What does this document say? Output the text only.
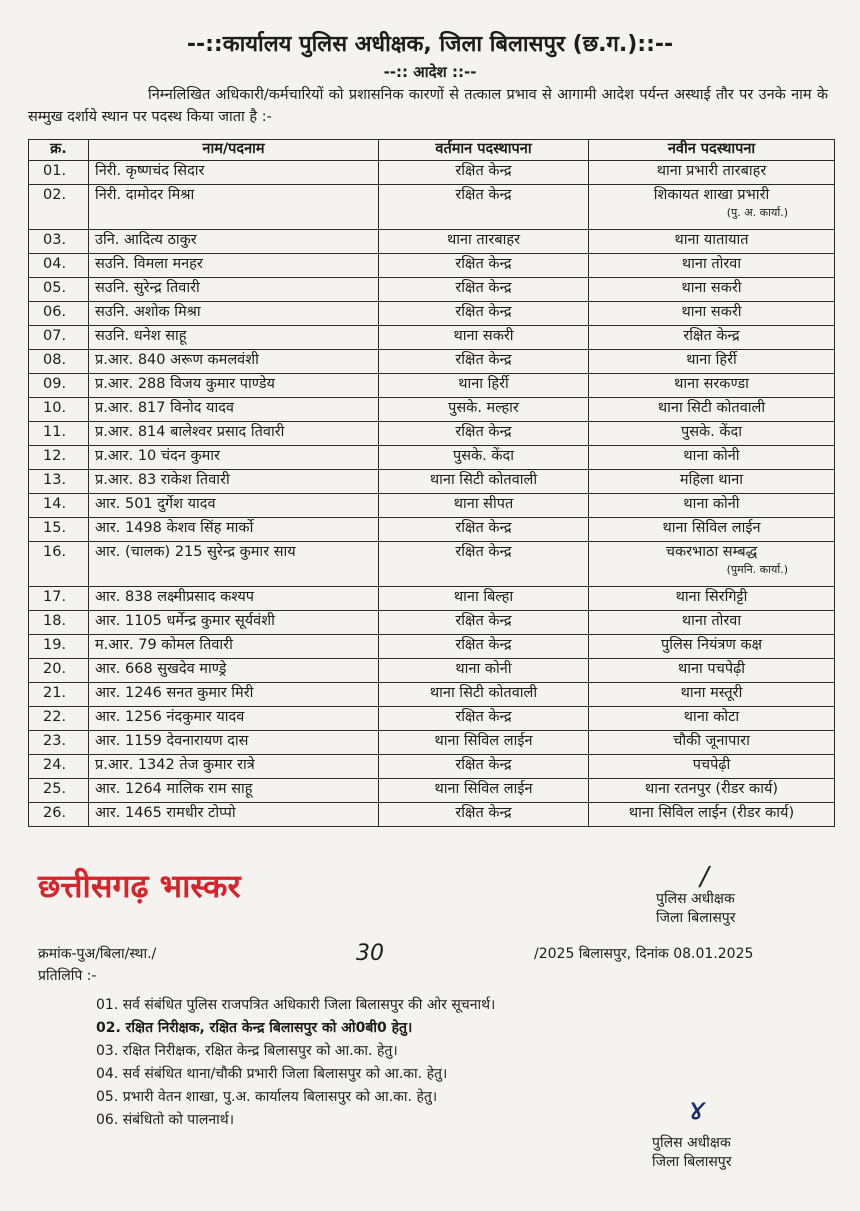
--::कार्यालय पुलिस अधीक्षक, जिला बिलासपुर (छ.ग.)::--
--:: आदेश ::--
निम्नलिखित अधिकारी/कर्मचारियों को प्रशासनिक कारणों से तत्काल प्रभाव से आगामी आदेश पर्यन्त अस्थाई तौर पर उनके नाम के सम्मुख दर्शाये स्थान पर पदस्थ किया जाता है :-
क्र.	नाम/पदनाम	वर्तमान पदस्थापना	नवीन पदस्थापना
01.	निरी. कृष्णचंद सिदार	रक्षित केन्द्र	थाना प्रभारी तारबाहर
02.	निरी. दामोदर मिश्रा	रक्षित केन्द्र	शिकायत शाखा प्रभारी
(पु. अ. कार्या.)

03.	उनि. आदित्य ठाकुर	थाना तारबाहर	थाना यातायात
04.	सउनि. विमला मनहर	रक्षित केन्द्र	थाना तोरवा
05.	सउनि. सुरेन्द्र तिवारी	रक्षित केन्द्र	थाना सकरी
06.	सउनि. अशोक मिश्रा	रक्षित केन्द्र	थाना सकरी
07.	सउनि. धनेश साहू	थाना सकरी	रक्षित केन्द्र
08.	प्र.आर. 840 अरूण कमलवंशी	रक्षित केन्द्र	थाना हिर्री
09.	प्र.आर. 288 विजय कुमार पाण्डेय	थाना हिर्री	थाना सरकण्डा
10.	प्र.आर. 817 विनोद यादव	पुसके. मल्हार	थाना सिटी कोतवाली
11.	प्र.आर. 814 बालेश्वर प्रसाद तिवारी	रक्षित केन्द्र	पुसके. केंदा
12.	प्र.आर. 10 चंदन कुमार	पुसके. केंदा	थाना कोनी
13.	प्र.आर. 83 राकेश तिवारी	थाना सिटी कोतवाली	महिला थाना
14.	आर. 501 दुर्गेश यादव	थाना सीपत	थाना कोनी
15.	आर. 1498 केशव सिंह मार्को	रक्षित केन्द्र	थाना सिविल लाईन
16.	आर. (चालक) 215 सुरेन्द्र कुमार साय	रक्षित केन्द्र	चकरभाठा सम्बद्ध
(पुमनि. कार्या.)

17.	आर. 838 लक्ष्मीप्रसाद कश्यप	थाना बिल्हा	थाना सिरगिट्टी
18.	आर. 1105 धर्मेन्द्र कुमार सूर्यवंशी	रक्षित केन्द्र	थाना तोरवा
19.	म.आर. 79 कोमल तिवारी	रक्षित केन्द्र	पुलिस नियंत्रण कक्ष
20.	आर. 668 सुखदेव माण्ड्रे	थाना कोनी	थाना पचपेढ़ी
21.	आर. 1246 सनत कुमार मिरी	थाना सिटी कोतवाली	थाना मस्तूरी
22.	आर. 1256 नंदकुमार यादव	रक्षित केन्द्र	थाना कोटा
23.	आर. 1159 देवनारायण दास	थाना सिविल लाईन	चौकी जूनापारा
24.	प्र.आर. 1342 तेज कुमार रात्रे	रक्षित केन्द्र	पचपेढ़ी
25.	आर. 1264 मालिक राम साहू	थाना सिविल लाईन	थाना रतनपुर (रीडर कार्य)
26.	आर. 1465 रामधीर टोप्पो	रक्षित केन्द्र	थाना सिविल लाईन (रीडर कार्य)
छत्तीसगढ़ भास्कर	/
पुलिस अधीक्षक
जिला बिलासपुर
क्रमांक-पुअ/बिला/स्था./	30	/2025 बिलासपुर, दिनांक 08.01.2025
प्रतिलिपि :-
01. सर्व संबंधित पुलिस राजपत्रित अधिकारी जिला बिलासपुर की ओर सूचनार्थ।
02. रक्षित निरीक्षक, रक्षित केन्द्र बिलासपुर को ओ0बी0 हेतु।
03. रक्षित निरीक्षक, रक्षित केन्द्र बिलासपुर को आ.का. हेतु।
04. सर्व संबंधित थाना/चौकी प्रभारी जिला बिलासपुर को आ.का. हेतु।
05. प्रभारी वेतन शाखा, पु.अ. कार्यालय बिलासपुर को आ.का. हेतु।
06. संबंधितो को पालनार्थ।	ɤ
पुलिस अधीक्षक
जिला बिलासपुर
